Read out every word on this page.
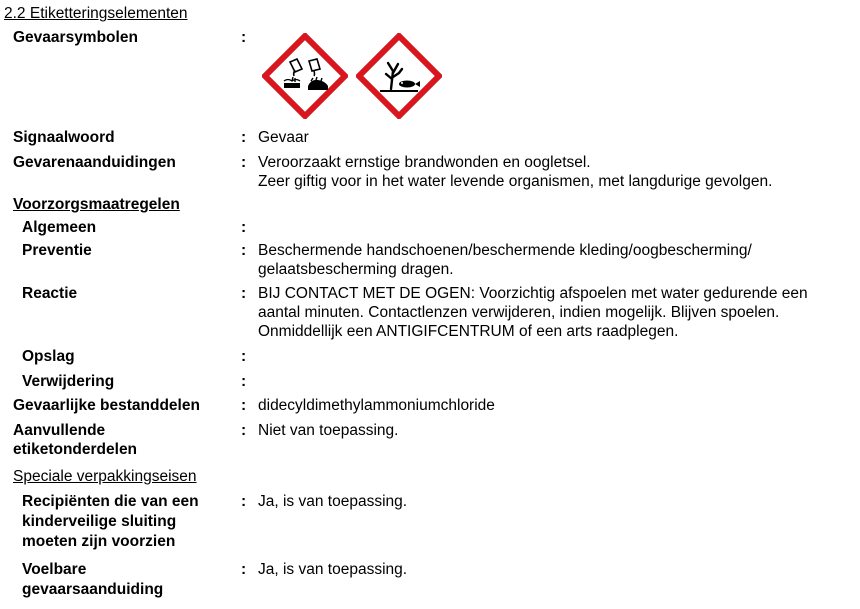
2.2 Etiketteringselementen
Gevaarsymbolen	:
Signaalwoord	: Gevaar
Gevarenaanduidingen	: Veroorzaakt ernstige brandwonden en oogletsel.
Zeer giftig voor in het water levende organismen, met langdurige gevolgen.
Voorzorgsmaatregelen
Algemeen	:
Preventie	: Beschermende handschoenen/beschermende kleding/oogbescherming/
gelaatsbescherming dragen.
Reactie	: BIJ CONTACT MET DE OGEN: Voorzichtig afspoelen met water gedurende een
aantal minuten. Contactlenzen verwijderen, indien mogelijk. Blijven spoelen.
Onmiddellijk een ANTIGIFCENTRUM of een arts raadplegen.
Opslag	:
Verwijdering	:
Gevaarlijke bestanddelen	: didecyldimethylammoniumchloride
Aanvullende
etiketonderdelen
: Niet van toepassing.
Speciale verpakkingseisen
Recipiënten die van een
kinderveilige sluiting
moeten zijn voorzien
: Ja, is van toepassing.
Voelbare
gevaarsaanduiding
: Ja, is van toepassing.
